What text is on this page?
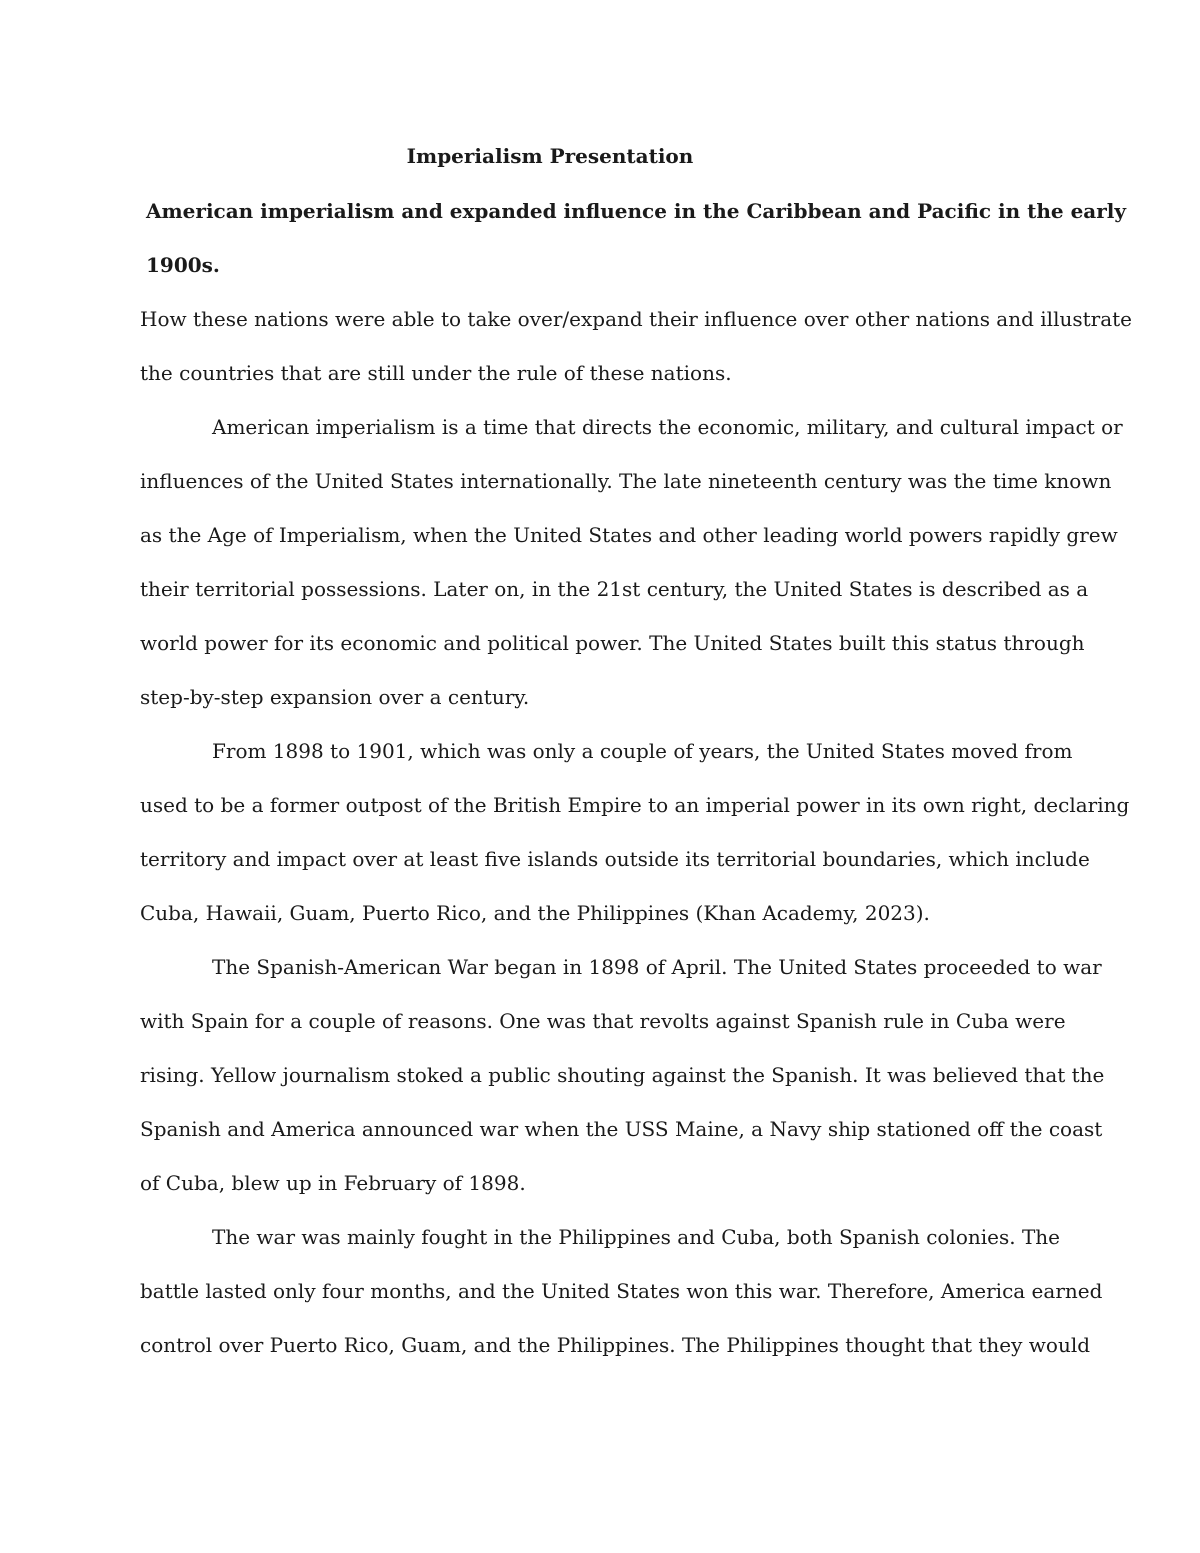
Imperialism Presentation
American imperialism and expanded influence in the Caribbean and Pacific in the early
1900s.
How these nations were able to take over/expand their influence over other nations and illustrate
the countries that are still under the rule of these nations.
American imperialism is a time that directs the economic, military, and cultural impact or
influences of the United States internationally. The late nineteenth century was the time known
as the Age of Imperialism, when the United States and other leading world powers rapidly grew
their territorial possessions. Later on, in the 21st century, the United States is described as a
world power for its economic and political power. The United States built this status through
step-by-step expansion over a century.
From 1898 to 1901, which was only a couple of years, the United States moved from
used to be a former outpost of the British Empire to an imperial power in its own right, declaring
territory and impact over at least five islands outside its territorial boundaries, which include
Cuba, Hawaii, Guam, Puerto Rico, and the Philippines (Khan Academy, 2023).
The Spanish-American War began in 1898 of April. The United States proceeded to war
with Spain for a couple of reasons. One was that revolts against Spanish rule in Cuba were
rising. Yellow journalism stoked a public shouting against the Spanish. It was believed that the
Spanish and America announced war when the USS Maine, a Navy ship stationed off the coast
of Cuba, blew up in February of 1898.
The war was mainly fought in the Philippines and Cuba, both Spanish colonies. The
battle lasted only four months, and the United States won this war. Therefore, America earned
control over Puerto Rico, Guam, and the Philippines. The Philippines thought that they would
